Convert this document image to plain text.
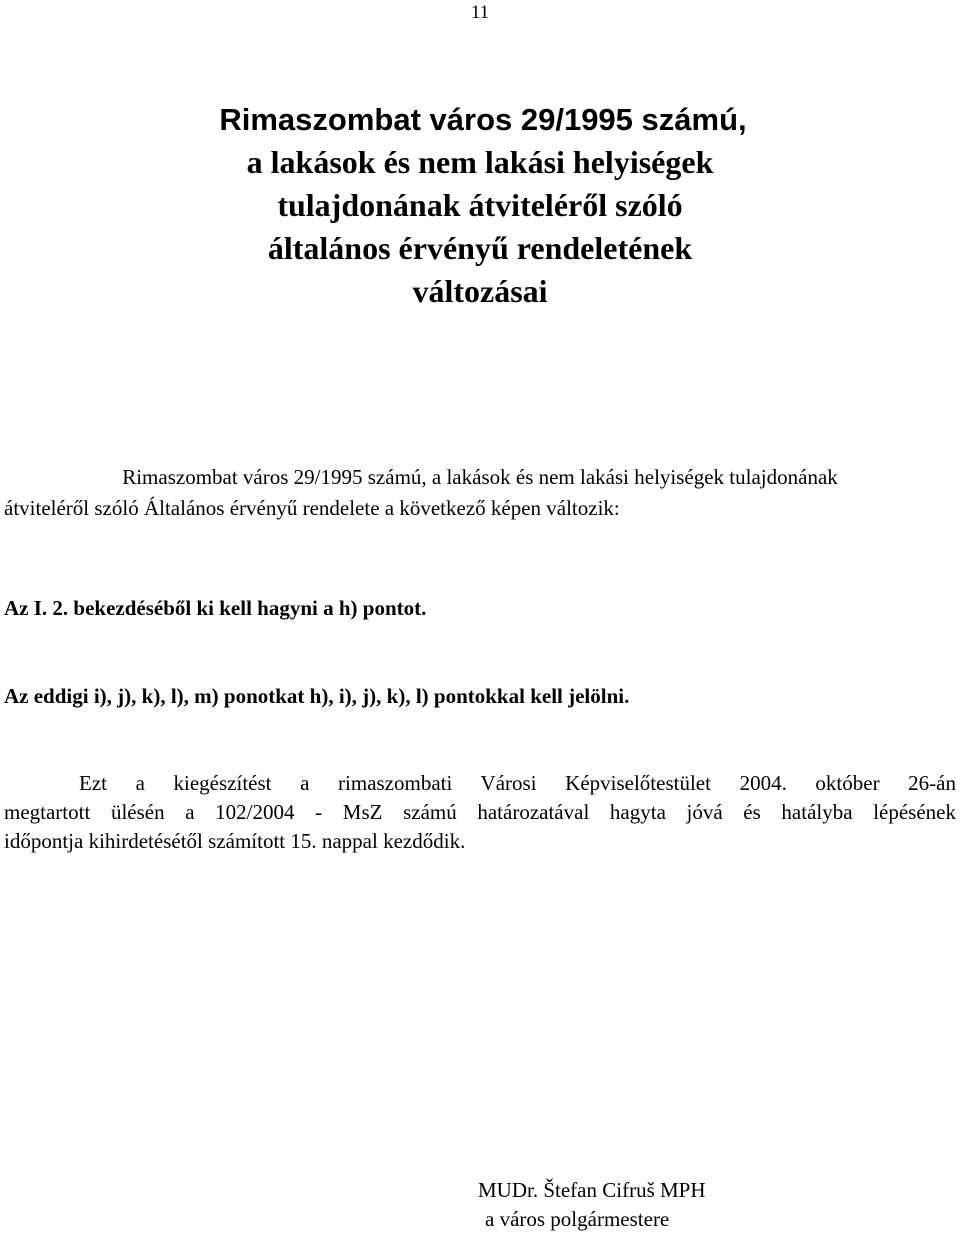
11
Rimaszombat város 29/1995 számú,
a lakások és nem lakási helyiségek
tulajdonának átviteléről szóló
általános érvényű rendeletének
változásai
Rimaszombat város 29/1995 számú, a lakások és nem lakási helyiségek tulajdonának
átviteléről szóló Általános érvényű rendelete a következő képen változik:
Az I. 2. bekezdéséből ki kell hagyni a h) pontot.
Az eddigi i), j), k), l), m) ponotkat h), i), j), k), l) pontokkal kell jelölni.
Ezt a kiegészítést a rimaszombati Városi Képviselőtestület 2004. október 26-án
megtartott ülésén a 102/2004 - MsZ számú határozatával hagyta jóvá és hatályba lépésének
időpontja kihirdetésétől számított 15. nappal kezdődik.
MUDr. Štefan Cifruš MPH
a város polgármestere
